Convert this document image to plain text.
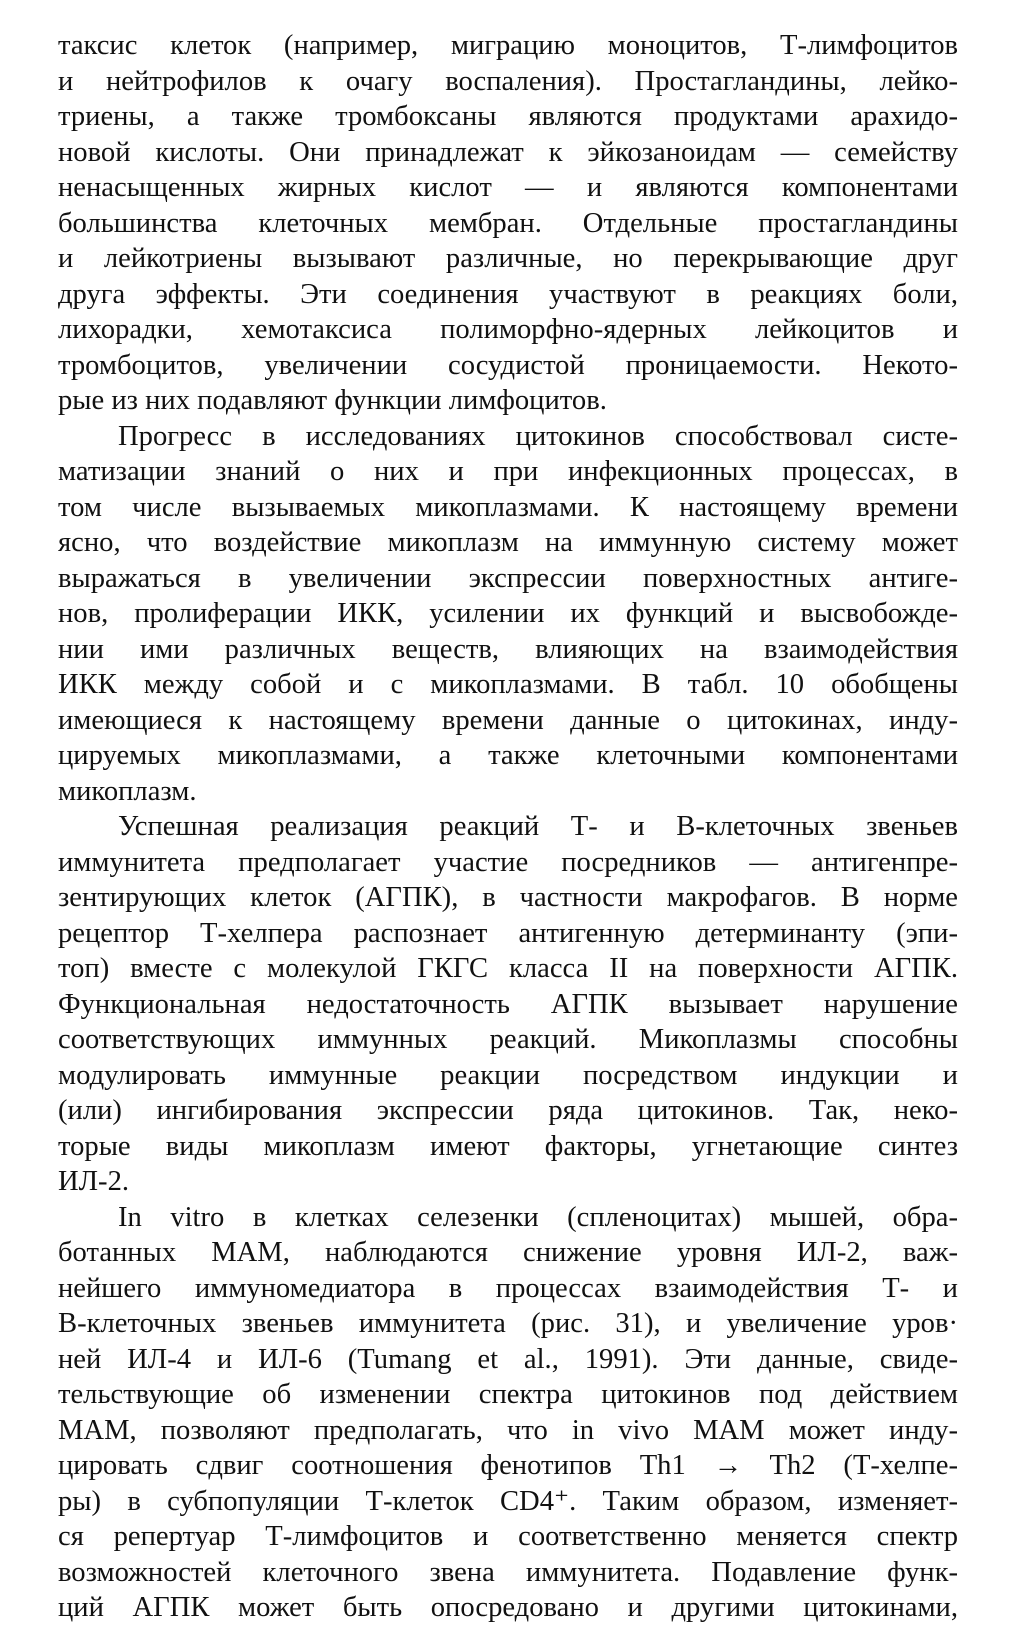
таксис клеток (например, миграцию моноцитов, Т-лимфоцитов
и нейтрофилов к очагу воспаления). Простагландины, лейко-
триены, а также тромбоксаны являются продуктами арахидо-
новой кислоты. Они принадлежат к эйкозаноидам — семейству
ненасыщенных жирных кислот — и являются компонентами
большинства клеточных мембран. Отдельные простагландины
и лейкотриены вызывают различные, но перекрывающие друг
друга эффекты. Эти соединения участвуют в реакциях боли,
лихорадки, хемотаксиса полиморфно-ядерных лейкоцитов и
тромбоцитов, увеличении сосудистой проницаемости. Некото-
рые из них подавляют функции лимфоцитов.
Прогресс в исследованиях цитокинов способствовал систе-
матизации знаний о них и при инфекционных процессах, в
том числе вызываемых микоплазмами. К настоящему времени
ясно, что воздействие микоплазм на иммунную систему может
выражаться в увеличении экспрессии поверхностных антиге-
нов, пролиферации ИКК, усилении их функций и высвобожде-
нии ими различных веществ, влияющих на взаимодействия
ИКК между собой и с микоплазмами. В табл. 10 обобщены
имеющиеся к настоящему времени данные о цитокинах, инду-
цируемых микоплазмами, а также клеточными компонентами
микоплазм.
Успешная реализация реакций Т- и В-клеточных звеньев
иммунитета предполагает участие посредников — антигенпре-
зентирующих клеток (АГПК), в частности макрофагов. В норме
рецептор Т-хелпера распознает антигенную детерминанту (эпи-
топ) вместе с молекулой ГКГС класса II на поверхности АГПК.
Функциональная недостаточность АГПК вызывает нарушение
соответствующих иммунных реакций. Микоплазмы способны
модулировать иммунные реакции посредством индукции и
(или) ингибирования экспрессии ряда цитокинов. Так, неко-
торые виды микоплазм имеют факторы, угнетающие синтез
ИЛ-2.
In vitro в клетках селезенки (спленоцитах) мышей, обра-
ботанных МАМ, наблюдаются снижение уровня ИЛ-2, важ-
нейшего иммуномедиатора в процессах взаимодействия Т- и
В-клеточных звеньев иммунитета (рис. 31), и увеличение уров·
ней ИЛ-4 и ИЛ-6 (Tumang et al., 1991). Эти данные, свиде-
тельствующие об изменении спектра цитокинов под действием
МАМ, позволяют предполагать, что in vivo МАМ может инду-
цировать сдвиг соотношения фенотипов Th1 → Th2 (Т-хелпе-
ры) в субпопуляции Т-клеток CD4⁺. Таким образом, изменяет-
ся репертуар Т-лимфоцитов и соответственно меняется спектр
возможностей клеточного звена иммунитета. Подавление функ-
ций АГПК может быть опосредовано и другими цитокинами,
